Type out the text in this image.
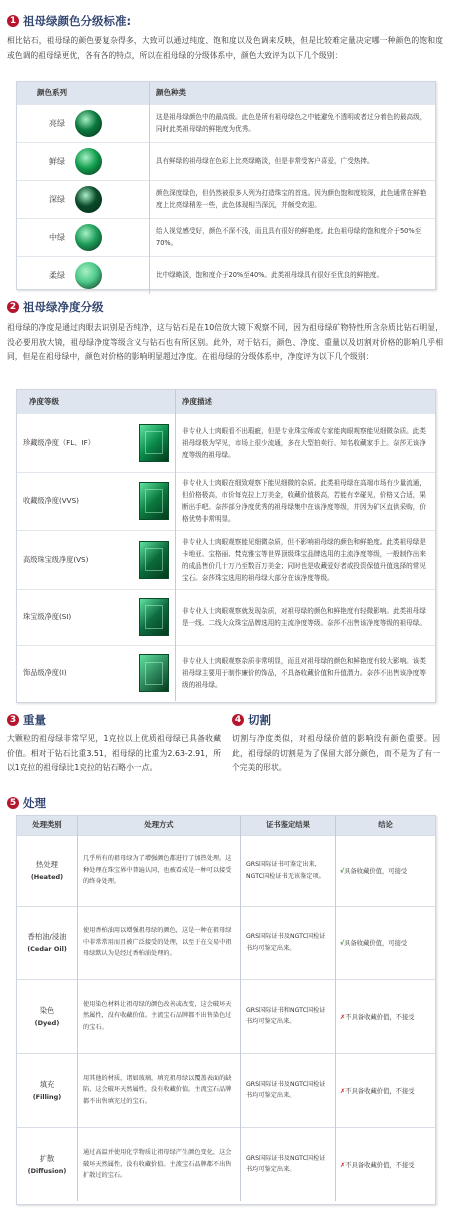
1 祖母绿颜色分级标准:
相比钻石，祖母绿的颜色要复杂得多，大致可以通过纯度、饱和度以及色调来反映，但是比较难定量决定哪一种颜色的饱和度或色调的祖母绿更优，各有各的特点，所以在祖母绿的分级体系中，颜色大致评为以下几个级别：
颜色系列	颜色种类

亮绿	这是祖母绿颜色中的最高级。此色是所有祖母绿色之中能避免不透明或者过分着色的最高级，同时此类祖母绿的鲜艳度为优秀。

鲜绿	具有鲜绿的祖母绿在色彩上比亮绿略淡，但是非常受客户喜爱，广受热捧。

深绿	颜色深度绿色，但仍然被很多人列为打造珠宝的首选。因为颜色饱和度较深，此色通常在鲜艳度上比亮绿稍差一些，此色体现相当深沉，并颇受欢迎。

中绿	给人视觉感受好，颜色不深不浅，而且具有很好的鲜艳度。此色祖母绿的饱和度介于50%至70%。

柔绿	比中绿略淡，饱和度介于20%至40%。此类祖母绿具有很好至优良的鲜艳度。
2 祖母绿净度分级
祖母绿的净度是通过肉眼去识别是否纯净，这与钻石是在10倍放大镜下观察不同，因为祖母绿矿物特性所含杂质比钻石明显，没必要用放大镜，祖母绿净度等级含义与钻石也有所区别。此外，对于钻石，颜色、净度、重量以及切割对价格的影响几乎相同，但是在祖母绿中，颜色对价格的影响明显超过净度。在祖母绿的分级体系中，净度评为以下几个级别：
净度等级	净度描述

珍藏级净度（FL、IF）	非专业人士肉眼看不出瑕疵，但是专业珠宝师或专家能肉眼观察能见细微杂质。此类祖母绿极为罕见，市场上很少流通，多在大型拍卖行、知名收藏家手上。奈莎无该净度等级的祖母绿。

收藏级净度(VVS)	非专业人士肉眼在细致观察下能见细微的杂质。此类祖母绿在高端市场有少量流通，但价格极高，市价每克拉上万美金，收藏价值极高，若能有幸碰见，价格又合适，果断出手吧。奈莎部分净度优秀的祖母绿集中在该净度等级，并因为矿区直供采购，价格优势非常明显。

高级珠宝级净度(VS)	非专业人士肉眼观察能见细微杂质，但不影响祖母绿的颜色和鲜艳度。此类祖母绿是卡地亚、宝格丽、梵克雅宝等世界顶级珠宝品牌选用的主流净度等级，一般制作出来的成品售价几十万乃至数百万美金；同时也是收藏爱好者或投资保值升值选择的常见宝石。奈莎珠宝选用的祖母绿大部分在该净度等级。

珠宝级净度(SI)	非专业人士肉眼观察就发现杂质，对祖母绿的颜色和鲜艳度有轻微影响。此类祖母绿是一线、二线大众珠宝品牌选用的主流净度等级。奈莎不出售该净度等级的祖母绿。

饰品级净度(I)	非专业人士肉眼观察杂质非常明显，而且对祖母绿的颜色和鲜艳度有较大影响。该类祖母绿主要用于制作廉价的饰品，不具备收藏价值和升值潜力。奈莎不出售该净度等级的祖母绿。
3 重量
大颗粒的祖母绿非常罕见，1克拉以上优质祖母绿已具备收藏价值。相对于钻石比重3.51，祖母绿的比重为2.63-2.91，所以1克拉的祖母绿比1克拉的钻石略小一点。
4 切割
切割与净度类似，对祖母绿价值的影响没有颜色重要。因此，祖母绿的切割是为了保留大部分颜色，而不是为了有一个完美的形状。
5 处理
处理类别	处理方式	证书鉴定结果	结论

热处理
(Heated)	几乎所有的祖母绿为了增强颜色都进行了加热处理。这种处理在珠宝界中普遍认同，也被看成是一种可以接受的终身处理。	GRS国际证书可鉴定出来，NGTC国检证书无该鉴定项。	√具备收藏价值，可接受

香柏油/浸油
(Cedar Oil)	使用香柏油用以增强祖母绿的颜色，这是一种在祖母绿中非常常用而且被广泛接受的处理，以至于在交易中祖母绿默认为是经过香柏油处理的。	GRS国际证书及NGTC国检证书均可鉴定出来。	√具备收藏价值，可接受

染色
(Dyed)	使用染色材料让祖母绿的颜色改善或改变，这会破坏天然属性，没有收藏价值。主流宝石品牌都不出售染色过的宝石。	GRS国际证书和NGTC国检证书均可鉴定出来。	✗不具备收藏价值，不接受

填充
(Filling)	用其他的材质，诸如玻璃，填充祖母绿以覆盖表面的缺陷，这会破坏天然属性，没有收藏价值。主流宝石品牌都不出售填充过的宝石。	GRS国际证书及NGTC国检证书均可鉴定出来。	✗不具备收藏价值，不接受

扩散
(Diffusion)	通过高温并使用化学物质让祖母绿产生颜色变化，这会破坏天然属性，没有收藏价值。主流宝石品牌都不出售扩散过的宝石。	GRS国际证书及NGTC国检证书均可鉴定出来。	✗不具备收藏价值，不接受
